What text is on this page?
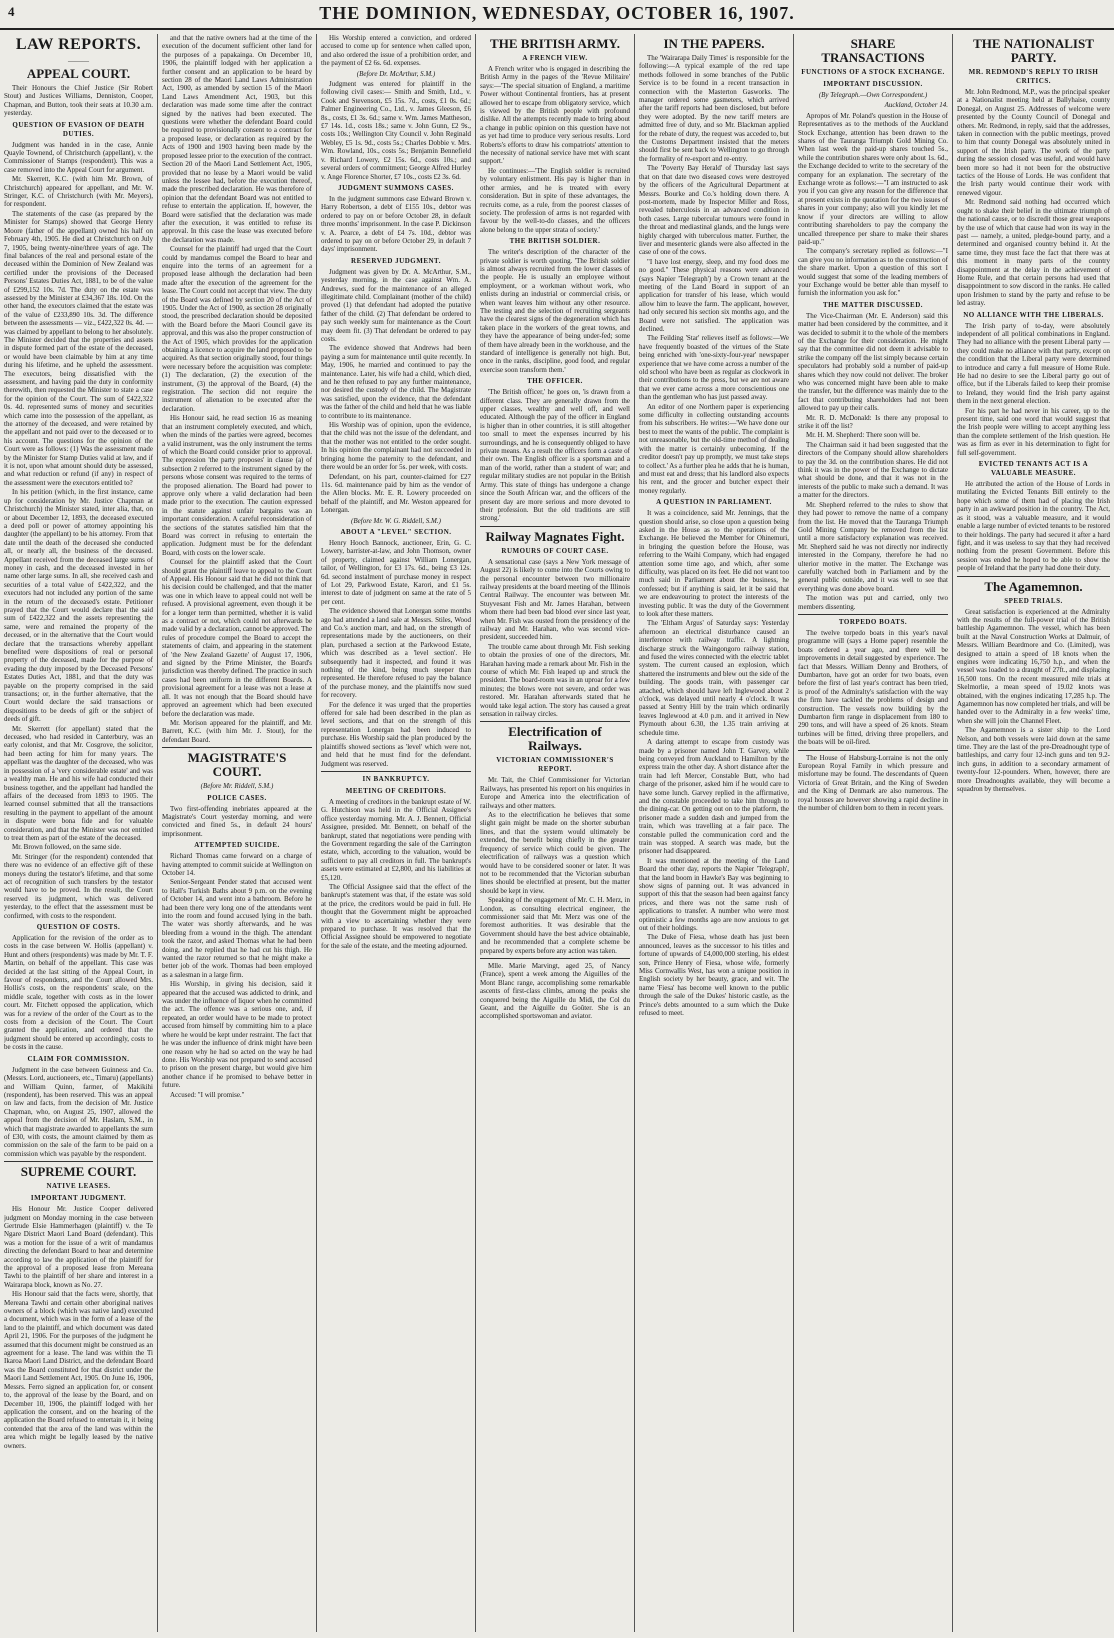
4	THE DOMINION, WEDNESDAY, OCTOBER 16, 1907.
LAW REPORTS.
———
APPEAL COURT.

Their Honours the Chief Justice (Sir Robert Stout) and Justices Williams, Denniston, Cooper, Chapman, and Button, took their seats at 10.30 a.m. yesterday.

QUESTION OF EVASION OF DEATH DUTIES.

Judgment was handed in in the case, Annie Quayle Townend, of Christchurch (appellant), v. the Commissioner of Stamps (respondent). This was a case removed into the Appeal Court for argument.

Mr. Skerrett, K.C. (with him Mr. Brown, of Christchurch) appeared for appellant, and Mr. W. Stringer, K.C. of Christchurch (with Mr. Meyers), for respondent.

The statements of the case (as prepared by the Minister for Stamps) showed that George Henry Moore (father of the appellant) owned his half on February 4th, 1905. He died at Christchurch on July 7, 1905, being twenty-nine/three years of age. The final balances of the real and personal estate of the deceased within the Dominion of New Zealand was certified under the provisions of the Deceased Persons' Estates Duties Act, 1881, to be of the value of £299,152 10s. 7d. The duty on the estate was assessed by the Minister at £34,367 18s. 10d. On the other hand, the executors claimed that the estate was of the value of £233,890 10s. 3d. The difference between the assessments — viz., £422,322 0s. 4d. — was claimed by appellant to belong to her absolutely. The Minister decided that the properties and assets in dispute formed part of the estate of the deceased, or would have been claimable by him at any time during his lifetime, and he upheld the assessment. The executors, being dissatisfied with the assessment, and having paid the duty in conformity therewith, then requested the Minister to state a case for the opinion of the Court. The sum of £422,322 0s. 4d. represented sums of money and securities which came into the possession of the appellant, as the attorney of the deceased, and were retained by the appellant and not paid over to the deceased or to his account. The questions for the opinion of the Court were as follows: (1) Was the assessment made by the Minister for Stamp Duties valid at law, and if it is not, upon what amount should duty be assessed, and what reduction or refund (if any) in respect of the assessment were the executors entitled to?

In his petition (which, in the first instance, came up for consideration by Mr. Justice Chapman at Christchurch) the Minister stated, inter alia, that, on or about December 12, 1893, the deceased executed a deed poll or power of attorney appointing his daughter (the appellant) to be his attorney. From that date until the death of the deceased she conducted all, or nearly all, the business of the deceased. Appellant received from the deceased large sums of money in cash, and the deceased invested in her name other large sums. In all, she received cash and securities of a total value of £422,322, and the executors had not included any portion of the same in the return of the deceased's estate. Petitioner prayed that the Court would declare that the said sum of £422,322 and the assets representing the same, were and remained the property of the deceased, or in the alternative that the Court would declare that the transactions whereby appellant benefited were dispositions of real or personal property of the deceased, made for the purpose of evading the duty imposed by the Deceased Persons' Estates Duties Act, 1881, and that the duty was payable on the property comprised in the said transactions; or, in the further alternative, that the Court would declare the said transactions or dispositions to be deeds of gift or the subject of deeds of gift.

Mr. Skerrett (for appellant) stated that the deceased, who had resided in Canterbury, was an early colonist, and that Mr. Cosgrove, the solicitor, had been acting for him for many years. The appellant was the daughter of the deceased, who was in possession of a 'very considerable estate' and was a wealthy man. He and his wife had conducted their business together, and the appellant had handled the affairs of the deceased from 1893 to 1905. The learned counsel submitted that all the transactions resulting in the payment to appellant of the amount in dispute were bona fide and for valuable consideration, and that the Minister was not entitled to treat them as part of the estate of the deceased.

Mr. Brown followed, on the same side.

Mr. Stringer (for the respondent) contended that there was no evidence of an effective gift of these moneys during the testator's lifetime, and that some act of recognition of such transfers by the testator would have to be proved. In the result, the Court reserved its judgment, which was delivered yesterday, to the effect that the assessment must be confirmed, with costs to the respondent.

QUESTION OF COSTS.

Application for the revision of the order as to costs in the case between W. Hollis (appellant) v. Hunt and others (respondents) was made by Mr. T. F. Martin, on behalf of the appellant. This case was decided at the last sitting of the Appeal Court, in favour of respondents, and the Court allowed Mrs. Hollis's costs, on the respondents' scale, on the middle scale, together with costs as in the lower court. Mr. Fitchett opposed the application, which was for a review of the order of the Court as to the costs from a decision of the Court. The Court granted the application, and ordered that the judgment should be entered up accordingly, costs to be costs in the cause.

CLAIM FOR COMMISSION.

Judgment in the case between Guinness and Co. (Messrs. Lord, auctioneers, etc., Timaru) (appellants) and William Quinn, farmer, of Makikihi (respondent), has been reserved. This was an appeal on law and facts, from the decision of Mr. Justice Chapman, who, on August 25, 1907, allowed the appeal from the decision of Mr. Haslam, S.M., in which that magistrate awarded to appellants the sum of £30, with costs, the amount claimed by them as commission on the sale of the farm to be paid on a commission which was payable by the respondent.

SUPREME COURT.
NATIVE LEASES.
IMPORTANT JUDGMENT.

His Honour Mr. Justice Cooper delivered judgment on Monday morning in the case between Gertrude Elsie Hammerhagen (plaintiff) v. the Te Ngare District Maori Land Board (defendant). This was a motion for the issue of a writ of mandamus directing the defendant Board to hear and determine according to law the application of the plaintiff for the approval of a proposed lease from Mereana Tawhi to the plaintiff of her share and interest in a Wairarapa block, known as No. 27.

His Honour said that the facts were, shortly, that Mereana Tawhi and certain other aboriginal natives owners of a block (which was native land) executed a document, which was in the form of a lease of the land to the plaintiff, and which document was dated April 21, 1906. For the purposes of the judgment he assumed that this document might be construed as an agreement for a lease. The land was within the Ti Ikaroa Maori Land District, and the defendant Board was the Board constituted for that district under the Maori Land Settlement Act, 1905. On June 16, 1906, Messrs. Ferro signed an application for, or consent to, the approval of the lease by the Board, and on December 10, 1906, the plaintiff lodged with her application the consent, and on the hearing of the application the Board refused to entertain it, it being contended that the area of the land was within the area which might be legally leased by the native owners.

and that the native owners had at the time of the execution of the document sufficient other land for the purposes of a papakainga. On December 10, 1906, the plaintiff lodged with her application a further consent and an application to be heard by section 28 of the Maori Land Laws Administration Act, 1900, as amended by section 15 of the Maori Land Laws Amendment Act, 1903, but this declaration was made some time after the contract signed by the natives had been executed. The questions were whether the defendant Board could be required to provisionally consent to a contract for a proposed lease, or declaration as required by the Acts of 1900 and 1903 having been made by the proposed lessee prior to the execution of the contract. Section 20 of the Maori Land Settlement Act, 1905, provided that no lease by a Maori would be valid unless the lessee had, before the execution thereof, made the prescribed declaration. He was therefore of opinion that the defendant Board was not entitled to refuse to entertain the application. If, however, the Board were satisfied that the declaration was made after the execution, it was entitled to refuse its approval. In this case the lease was executed before the declaration was made.

Counsel for the plaintiff had urged that the Court could by mandamus compel the Board to hear and enquire into the terms of an agreement for a proposed lease although the declaration had been made after the execution of the agreement for the lease. The Court could not accept that view. The duty of the Board was defined by section 20 of the Act of 1905. Under the Act of 1900, as section 28 originally stood, the prescribed declaration should be deposited with the Board before the Maori Council gave its approval, and this was also the proper construction of the Act of 1905, which provides for the application obtaining a licence to acquire the land proposed to be acquired. As that section originally stood, four things were necessary before the acquisition was complete: (1) The declaration, (2) the execution of the instrument, (3) the approval of the Board, (4) the registration. The section did not require the instrument of alienation to be executed after the declaration.

His Honour said, he read section 16 as meaning that an instrument completely executed, and which, when the minds of the parties were agreed, becomes a valid instrument, was the only instrument the terms of which the Board could consider prior to approval. The expression 'the party proposes' in clause (a) of subsection 2 referred to the instrument signed by the persons whose consent was required to the terms of the proposed alienation. The Board had power to approve only where a valid declaration had been made prior to the execution. The caution expressed in the statute against unfair bargains was an important consideration. A careful reconsideration of the sections of the statutes satisfied him that the Board was correct in refusing to entertain the application. Judgment must be for the defendant Board, with costs on the lower scale.

Counsel for the plaintiff asked that the Court should grant the plaintiff leave to appeal to the Court of Appeal. His Honour said that he did not think that his decision could be challenged, and that the matter was one in which leave to appeal could not well be refused. A provisional agreement, even though it be for a longer term than permitted, whether it is valid as a contract or not, which could not afterwards be made valid by a declaration, cannot be approved. The rules of procedure compel the Board to accept the statements of claim, and appearing in the statement of 'the New Zealand Gazette' of August 17, 1906, and signed by the Prime Minister, the Board's jurisdiction was thereby defined. The practice in such cases had been uniform in the different Boards. A provisional agreement for a lease was not a lease at all. It was not enough that the Board should have approved an agreement which had been executed before the declaration was made.

Mr. Morison appeared for the plaintiff, and Mr. Barrett, K.C. (with him Mr. J. Stout), for the defendant Board.

MAGISTRATE'S COURT.
(Before Mr. Riddell, S.M.)
POLICE CASES.

Two first-offending inebriates appeared at the Magistrate's Court yesterday morning, and were convicted and fined 5s., in default 24 hours' imprisonment.

ATTEMPTED SUICIDE.

Richard Thomas came forward on a charge of having attempted to commit suicide at Wellington on October 14.

Senior-Sergeant Pender stated that accused went to Hall's Turkish Baths about 9 p.m. on the evening of October 14, and went into a bathroom. Before he had been there very long one of the attendants went into the room and found accused lying in the bath. The water was shortly afterwards, and he was bleeding from a wound in the thigh. The attendant took the razor, and asked Thomas what he had been doing, and he replied that he had cut his thigh. He wanted the razor returned so that he might make a better job of the work. Thomas had been employed as a salesman in a large firm.

His Worship, in giving his decision, said it appeared that the accused was addicted to drink, and was under the influence of liquor when he committed the act. The offence was a serious one, and, if repeated, an order would have to be made to protect accused from himself by committing him to a place where he would be kept under restraint. The fact that he was under the influence of drink might have been one reason why he had so acted on the way he had done. His Worship was not prepared to send accused to prison on the present charge, but would give him another chance if he promised to behave better in future.

Accused: "I will promise."

His Worship entered a conviction, and ordered accused to come up for sentence when called upon, and also ordered the issue of a prohibition order, and the payment of £2 6s. 6d. expenses.

(Before Dr. McArthur, S.M.)

Judgment was entered for plaintiff in the following civil cases:— Smith and Smith, Ltd., v. Cook and Stevenson, £5 15s. 7d., costs, £1 0s. 6d.; Palmer Engineering Co., Ltd., v. James Gleeson, £6 8s., costs, £1 3s. 6d.; same v. Wm. James Mattheson, £7 14s. 1d., costs 18s.; same v. John Gunn, £2 9s., costs 10s.; Wellington City Council v. John Reginald Webley, £5 1s. 9d., costs 5s.; Charles Dobbie v. Mrs. Wm. Rowland, 10s., costs 5s.; Benjamin Bennefield v. Richard Lowery, £2 15s. 6d., costs 10s.; and several orders of commitment; George Alfred Hurley v. Ange Florence Shorter, £7 10s., costs £2 3s. 6d.

JUDGMENT SUMMONS CASES.

In the judgment summons case Edward Brown v. Harry Robertson, a debt of £155 10s., debtor was ordered to pay on or before October 28, in default three months' imprisonment. In the case P. Dickinson v. A. Pearce, a debt of £4 7s. 10d., debtor was ordered to pay on or before October 29, in default 7 days' imprisonment.

RESERVED JUDGMENT.

Judgment was given by Dr. A. McArthur, S.M., yesterday morning, in the case against Wm. A. Andrews, sued for the maintenance of an alleged illegitimate child. Complainant (mother of the child) proved (1) that defendant had adopted the putative father of the child. (2) That defendant be ordered to pay such weekly sum for maintenance as the Court may deem fit. (3) That defendant be ordered to pay costs.

The evidence showed that Andrews had been paying a sum for maintenance until quite recently. In May, 1906, he married and continued to pay the maintenance. Later, his wife had a child, which died, and he then refused to pay any further maintenance, nor desired the custody of the child. The Magistrate was satisfied, upon the evidence, that the defendant was the father of the child and held that he was liable to contribute to its maintenance.

His Worship was of opinion, upon the evidence, that the child was not the issue of the defendant, and that the mother was not entitled to the order sought. In his opinion the complainant had not succeeded in bringing home the paternity to the defendant, and there would be an order for 5s. per week, with costs.

Defendant, on his part, counter-claimed for £27 11s. 6d. maintenance paid by him as the vendor of the Allen blocks. Mr. E. R. Lowery proceeded on behalf of the plaintiff, and Mr. Weston appeared for Lonergan.

(Before Mr. W. G. Riddell, S.M.)
ABOUT A "LEVEL" SECTION.

Henry Hooch Bannock, auctioneer, Erin, G. C. Lowery, barrister-at-law, and John Thomson, owner of property, claimed against William Lonergan, tailor, of Wellington, for £3 17s. 6d., being £3 12s. 6d. second instalment of purchase money in respect of Lot 29, Parkwood Estate, Karori, and £1 5s. interest to date of judgment on same at the rate of 5 per cent.

The evidence showed that Lonergan some months ago had attended a land sale at Messrs. Stiles, Wood and Co.'s auction mart, and had, on the strength of representations made by the auctioneers, on their plan, purchased a section at the Parkwood Estate, which was described as a 'level section'. He subsequently had it inspected, and found it was nothing of the kind, being much steeper than represented. He therefore refused to pay the balance of the purchase money, and the plaintiffs now sued for recovery.

For the defence it was urged that the properties offered for sale had been described in the plan as level sections, and that on the strength of this representation Lonergan had been induced to purchase. His Worship said the plan produced by the plaintiffs showed sections as 'level' which were not, and held that he must find for the defendant. Judgment was reserved.

IN BANKRUPTCY.
MEETING OF CREDITORS.

A meeting of creditors in the bankrupt estate of W. G. Hutchison was held in the Official Assignee's office yesterday morning. Mr. A. J. Bennett, Official Assignee, presided. Mr. Bennett, on behalf of the bankrupt, stated that negotiations were pending with the Government regarding the sale of the Carrington estate, which, according to the valuation, would be sufficient to pay all creditors in full. The bankrupt's assets were estimated at £2,800, and his liabilities at £5,120.

The Official Assignee said that the effect of the bankrupt's statement was that, if the estate was sold at the price, the creditors would be paid in full. He thought that the Government might be approached with a view to ascertaining whether they were prepared to purchase. It was resolved that the Official Assignee should be empowered to negotiate for the sale of the estate, and the meeting adjourned.

THE BRITISH ARMY.
A FRENCH VIEW.

A French writer who is engaged in describing the British Army in the pages of the 'Revue Militaire' says:—'The special situation of England, a maritime Power without Continental frontiers, has at present allowed her to escape from obligatory service, which is viewed by the British people with profound dislike. All the attempts recently made to bring about a change in public opinion on this question have not as yet had time to produce very serious results. Lord Roberts's efforts to draw his compatriots' attention to the necessity of national service have met with scant support.'

He continues:—'The English soldier is recruited by voluntary enlistment. His pay is higher than in other armies, and he is treated with every consideration. But in spite of these advantages, the recruits come, as a rule, from the poorest classes of society. The profession of arms is not regarded with favour by the well-to-do classes, and the officers alone belong to the upper strata of society.'

THE BRITISH SOLDIER.

The writer's description of the character of the private soldier is worth quoting. 'The British soldier is almost always recruited from the lower classes of the people. He is usually an employee without employment, or a workman without work, who enlists during an industrial or commercial crisis, or when want leaves him without any other resource. The testing and the selection of recruiting sergeants have the clearest signs of the degeneration which has taken place in the workers of the great towns, and they have the appearance of being under-fed; some of them have already been in the workhouse, and the standard of intelligence is generally not high. But, once in the ranks, discipline, good food, and regular exercise soon transform them.'

THE OFFICER.

'The British officer,' he goes on, 'is drawn from a different class. They are generally drawn from the upper classes, wealthy and well off, and well educated. Although the pay of the officer in England is higher than in other countries, it is still altogether too small to meet the expenses incurred by his surroundings, and he is consequently obliged to have private means. As a result the officers form a caste of their own. The English officer is a sportsman and a man of the world, rather than a student of war; and regular military studies are not popular in the British Army. This state of things has undergone a change since the South African war, and the officers of the present day are more serious and more devoted to their profession. But the old traditions are still strong.'

Railway Magnates Fight.
RUMOURS OF COURT CASE.

A sensational case (says a New York message of August 22) is likely to come into the Courts owing to the personal encounter between two millionaire railway presidents at the board meeting of the Illinois Central Railway. The encounter was between Mr. Stuyvesant Fish and Mr. James Harahan, between whom there had been bad blood ever since last year, when Mr. Fish was ousted from the presidency of the railway and Mr. Harahan, who was second vice-president, succeeded him.

The trouble came about through Mr. Fish seeking to obtain the proxies of one of the directors, Mr. Harahan having made a remark about Mr. Fish in the course of which Mr. Fish leaped up and struck the president. The board-room was in an uproar for a few minutes; the blows were not severe, and order was restored. Mr. Harahan afterwards stated that he would take legal action. The story has caused a great sensation in railway circles.

Electrification of Railways.
VICTORIAN COMMISSIONER'S REPORT.

Mr. Tait, the Chief Commissioner for Victorian Railways, has presented his report on his enquiries in Europe and America into the electrification of railways and other matters.

As to the electrification he believes that some slight gain might be made on the shorter suburban lines, and that the system would ultimately be extended, the benefit being chiefly in the greater frequency of service which could be given. The electrification of railways was a question which would have to be considered sooner or later. It was not to be recommended that the Victorian suburban lines should be electrified at present, but the matter should be kept in view.

Speaking of the engagement of Mr. C. H. Merz, in London, as consulting electrical engineer, the commissioner said that Mr. Merz was one of the foremost authorities. It was desirable that the Government should have the best advice obtainable, and he recommended that a complete scheme be prepared by experts before any action was taken.

Mlle. Marie Marvingt, aged 25, of Nancy (France), spent a week among the Aiguilles of the Mont Blanc range, accomplishing some remarkable ascents of first-class climbs, among the peaks she conquered being the Aiguille du Midi, the Col du Geant, and the Aiguille du Goûter. She is an accomplished sportswoman and aviator.

IN THE PAPERS.

The 'Wairarapa Daily Times' is responsible for the following:—A typical example of the red tape methods followed in some branches of the Public Service is to be found in a recent transaction in connection with the Masterton Gasworks. The manager ordered some gasmeters, which arrived after the tariff reports had been disclosed, but before they were adopted. By the new tariff meters are admitted free of duty, and so Mr. Blackman applied for the rebate of duty, the request was acceded to, but the Customs Department insisted that the meters should first be sent back to Wellington to go through the formality of re-export and re-entry.

The 'Poverty Bay Herald' of Thursday last says that on that date two diseased cows were destroyed by the officers of the Agricultural Department at Messrs. Bourke and Co.'s holding down there. A post-mortem, made by Inspector Miller and Ross, revealed tuberculosis in an advanced condition in both cases. Large tubercular tumours were found in the throat and mediastinal glands, and the lungs were highly charged with tuberculous matter. Further, the liver and mesenteric glands were also affected in the case of one of the cows.

"I have lost energy, sleep, and my food does me no good." These physical reasons were advanced (says Napier 'Telegraph') by a Crown tenant at the meeting of the Land Board in support of an application for transfer of his lease, which would allow him to leave the farm. The applicant, however, had only secured his section six months ago, and the Board were not satisfied. The application was declined.

The Feilding 'Star' relieves itself as follows:—We have frequently boasted of the virtues of the State being enriched with 'one-sixty-four-year' newspaper experience that we have come across a number of the old school who have been as regular as clockwork in their contributions to the press, but we are not aware that we ever came across a more conscientious one than the gentleman who has just passed away.

An editor of one Northern paper is experiencing some difficulty in collecting outstanding accounts from his subscribers. He writes:—'We have done our best to meet the wants of the public. The complaint is not unreasonable, but the old-time method of dealing with the matter is certainly unbecoming. If the creditor doesn't pay up promptly, we must take steps to collect.' As a further plea he adds that he is human, and must eat and dress; that his landlord also expects his rent, and the grocer and butcher expect their money regularly.

A QUESTION IN PARLIAMENT.

It was a coincidence, said Mr. Jennings, that the question should arise, so close upon a question being asked in the House as to the operations of the Exchange. He believed the Member for Ohinemuri, in bringing the question before the House, was referring to the Waihi Company, which had engaged attention some time ago, and which, after some difficulty, was placed on its feet. He did not want too much said in Parliament about the business, he confessed; but if anything is said, let it be said that we are endeavouring to protect the interests of the investing public. It was the duty of the Government to look after these matters.

The 'Eltham Argus' of Saturday says: Yesterday afternoon an electrical disturbance caused an interference with railway traffic. A lightning discharge struck the Waingongoro railway station, and fused the wires connected with the electric tablet system. The current caused an explosion, which shattered the instruments and blew out the side of the building. The goods train, with passenger car attached, which should have left Inglewood about 2 o'clock, was delayed until nearly 4 o'clock. It was passed at Sentry Hill by the train which ordinarily leaves Inglewood at 4.0 p.m. and it arrived in New Plymouth about 6.30, the 1.35 train arriving at schedule time.

A daring attempt to escape from custody was made by a prisoner named John T. Garvey, while being conveyed from Auckland to Hamilton by the express train the other day. A short distance after the train had left Mercer, Constable Butt, who had charge of the prisoner, asked him if he would care to have some lunch. Garvey replied in the affirmative, and the constable proceeded to take him through to the dining-car. On getting out on to the platform, the prisoner made a sudden dash and jumped from the train, which was travelling at a fair pace. The constable pulled the communication cord and the train was stopped. A search was made, but the prisoner had disappeared.

It was mentioned at the meeting of the Land Board the other day, reports the Napier 'Telegraph', that the land boom in Hawke's Bay was beginning to show signs of panning out. It was advanced in support of this that the season had been against fancy prices, and there was not the same rush of applications to transfer. A number who were most optimistic a few months ago are now anxious to get out of their holdings.

The Duke of Fiesa, whose death has just been announced, leaves as the successor to his titles and fortune of upwards of £4,000,000 sterling, his eldest son, Prince Henry of Fiesa, whose wife, formerly Miss Cornwallis West, has won a unique position in English society by her beauty, grace, and wit. The name 'Fiesa' has become well known to the public through the sale of the Dukes' historic castle, as the Prince's debts amounted to a sum which the Duke refused to meet.

SHARE TRANSACTIONS
FUNCTIONS OF A STOCK EXCHANGE.
IMPORTANT DISCUSSION.
(By Telegraph.—Own Correspondent.)
Auckland, October 14.

Apropos of Mr. Poland's question in the House of Representatives as to the methods of the Auckland Stock Exchange, attention has been drawn to the shares of the Tauranga Triumph Gold Mining Co. When last week the paid-up shares touched 5s., while the contribution shares were only about 1s. 6d., the Exchange decided to write to the secretary of the company for an explanation. The secretary of the Exchange wrote as follows:—"I am instructed to ask you if you can give any reason for the difference that at present exists in the quotation for the two issues of shares in your company; also will you kindly let me know if your directors are willing to allow contributing shareholders to pay the company the uncalled threepence per share to make their shares paid-up."

The company's secretary replied as follows:—"I can give you no information as to the construction of the share market. Upon a question of this sort I would suggest that some of the leading members of your Exchange would be better able than myself to furnish the information you ask for."

THE MATTER DISCUSSED.

The Vice-Chairman (Mr. E. Anderson) said this matter had been considered by the committee, and it was decided to submit it to the whole of the members of the Exchange for their consideration. He might say that the committee did not deem it advisable to strike the company off the list simply because certain speculators had probably sold a number of paid-up shares which they now could not deliver. The broker who was concerned might have been able to make the transfer, but the difference was mainly due to the fact that contributing shareholders had not been allowed to pay up their calls.

Mr. R. D. McDonald: Is there any proposal to strike it off the list?

Mr. H. M. Shepherd: There soon will be.

The Chairman said it had been suggested that the directors of the Company should allow shareholders to pay the 3d. on the contribution shares. He did not think it was in the power of the Exchange to dictate what should be done, and that it was not in the interests of the public to make such a demand. It was a matter for the directors.

Mr. Shepherd referred to the rules to show that they had power to remove the name of a company from the list. He moved that the Tauranga Triumph Gold Mining Company be removed from the list until a more satisfactory explanation was received. Mr. Shepherd said he was not directly nor indirectly interested in the Company, therefore he had no ulterior motive in the matter. The Exchange was carefully watched both in Parliament and by the general public outside, and it was well to see that everything was done above board.

The motion was put and carried, only two members dissenting.

TORPEDO BOATS.

The twelve torpedo boats in this year's naval programme will (says a Home paper) resemble the boats ordered a year ago, and there will be improvements in detail suggested by experience. The fact that Messrs. William Denny and Brothers, of Dumbarton, have got an order for two boats, even before the first of last year's contract has been tried, is proof of the Admiralty's satisfaction with the way the firm have tackled the problems of design and construction. The vessels now building by the Dumbarton firm range in displacement from 180 to 290 tons, and will have a speed of 26 knots. Steam turbines will be fitted, driving three propellers, and the boats will be oil-fired.

The House of Habsburg-Lorraine is not the only European Royal Family in which pressure and misfortune may be found. The descendants of Queen Victoria of Great Britain, and the King of Sweden and the King of Denmark are also numerous. The royal houses are however showing a rapid decline in the number of children born to them in recent years.

THE NATIONALIST PARTY.
MR. REDMOND'S REPLY TO IRISH CRITICS.

Mr. John Redmond, M.P., was the principal speaker at a Nationalist meeting held at Ballyhaise, county Donegal, on August 25. Addresses of welcome were presented by the County Council of Donegal and others. Mr. Redmond, in reply, said that the addresses, taken in connection with the public meetings, proved to him that county Donegal was absolutely united in support of the Irish party. The work of the party during the session closed was useful, and would have been more so had it not been for the obstructive tactics of the House of Lords. He was confident that the Irish party would continue their work with renewed vigour.

Mr. Redmond said nothing had occurred which ought to shake their belief in the ultimate triumph of the national cause, or to discredit those great weapons by the use of which that cause had won its way in the past — namely, a united, pledge-bound party, and a determined and organised country behind it. At the same time, they must face the fact that there was at this moment in many parts of the country disappointment at the delay in the achievement of Home Rule, and that certain persons had used that disappointment to sow discord in the ranks. He called upon Irishmen to stand by the party and refuse to be led astray.

NO ALLIANCE WITH THE LIBERALS.

The Irish party of to-day, were absolutely independent of all political combinations in England. They had no alliance with the present Liberal party — they could make no alliance with that party, except on the condition that the Liberal party were determined to introduce and carry a full measure of Home Rule. He had no desire to see the Liberal party go out of office, but if the Liberals failed to keep their promise to Ireland, they would find the Irish party against them in the next general election.

For his part he had never in his career, up to the present time, said one word that would suggest that the Irish people were willing to accept anything less than the complete settlement of the Irish question. He was as firm as ever in his determination to fight for full self-government.

EVICTED TENANTS ACT IS A VALUABLE MEASURE.

He attributed the action of the House of Lords in mutilating the Evicted Tenants Bill entirely to the hope which some of them had of placing the Irish party in an awkward position in the country. The Act, as it stood, was a valuable measure, and it would enable a large number of evicted tenants to be restored to their holdings. The party had secured it after a hard fight, and it was useless to say that they had received nothing from the present Government. Before this session was ended he hoped to be able to show the people of Ireland that the party had done their duty.

The Agamemnon.
SPEED TRIALS.

Great satisfaction is experienced at the Admiralty with the results of the full-power trial of the British battleship Agamemnon. The vessel, which has been built at the Naval Construction Works at Dalmuir, of Messrs. William Beardmore and Co. (Limited), was designed to attain a speed of 18 knots when the engines were indicating 16,750 h.p., and when the vessel was loaded to a draught of 27ft., and displacing 16,500 tons. On the recent measured mile trials at Skelmorlie, a mean speed of 19.02 knots was obtained, with the engines indicating 17,285 h.p. The Agamemnon has now completed her trials, and will be handed over to the Admiralty in a few weeks' time, when she will join the Channel Fleet.

The Agamemnon is a sister ship to the Lord Nelson, and both vessels were laid down at the same time. They are the last of the pre-Dreadnought type of battleships, and carry four 12-inch guns and ten 9.2-inch guns, in addition to a secondary armament of twenty-four 12-pounders. When, however, there are more Dreadnoughts available, they will become a squadron by themselves.
